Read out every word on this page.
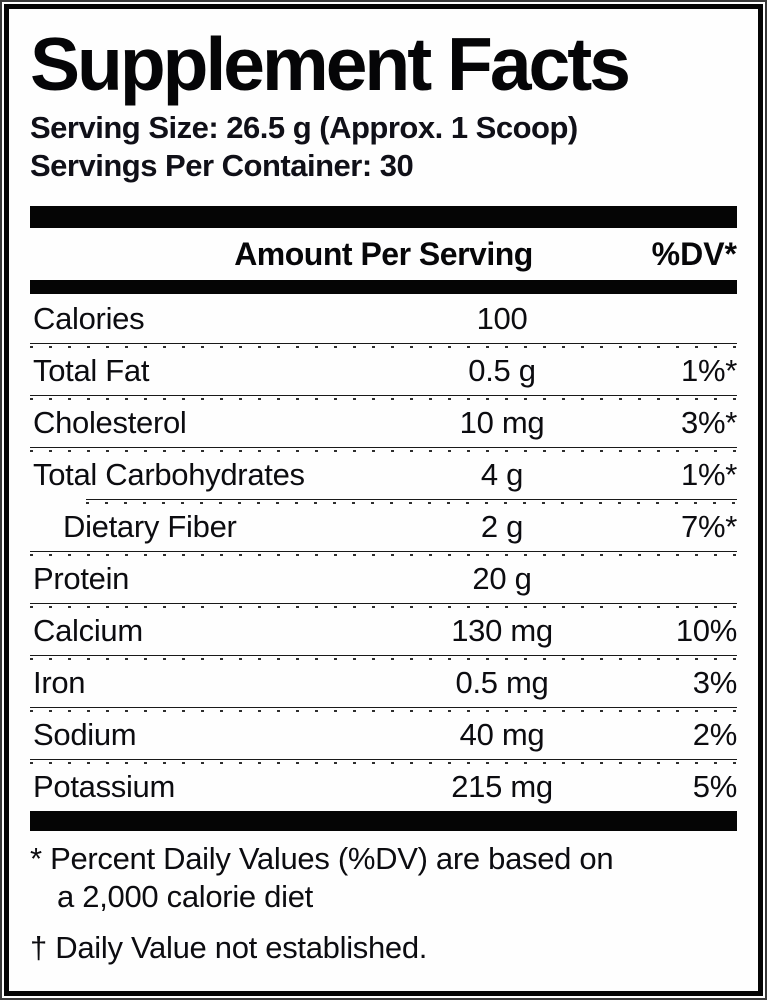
Supplement Facts
Serving Size: 26.5 g (Approx. 1 Scoop)
Servings Per Container: 30
Amount Per Serving	%DV*
Calories	100
Total Fat	0.5 g	1%*
Cholesterol	10 mg	3%*
Total Carbohydrates	4 g	1%*
Dietary Fiber	2 g	7%*
Protein	20 g
Calcium	130 mg	10%
Iron	0.5 mg	3%
Sodium	40 mg	2%
Potassium	215 mg	5%
* Percent Daily Values (%DV) are based on
a 2,000 calorie diet
† Daily Value not established.
